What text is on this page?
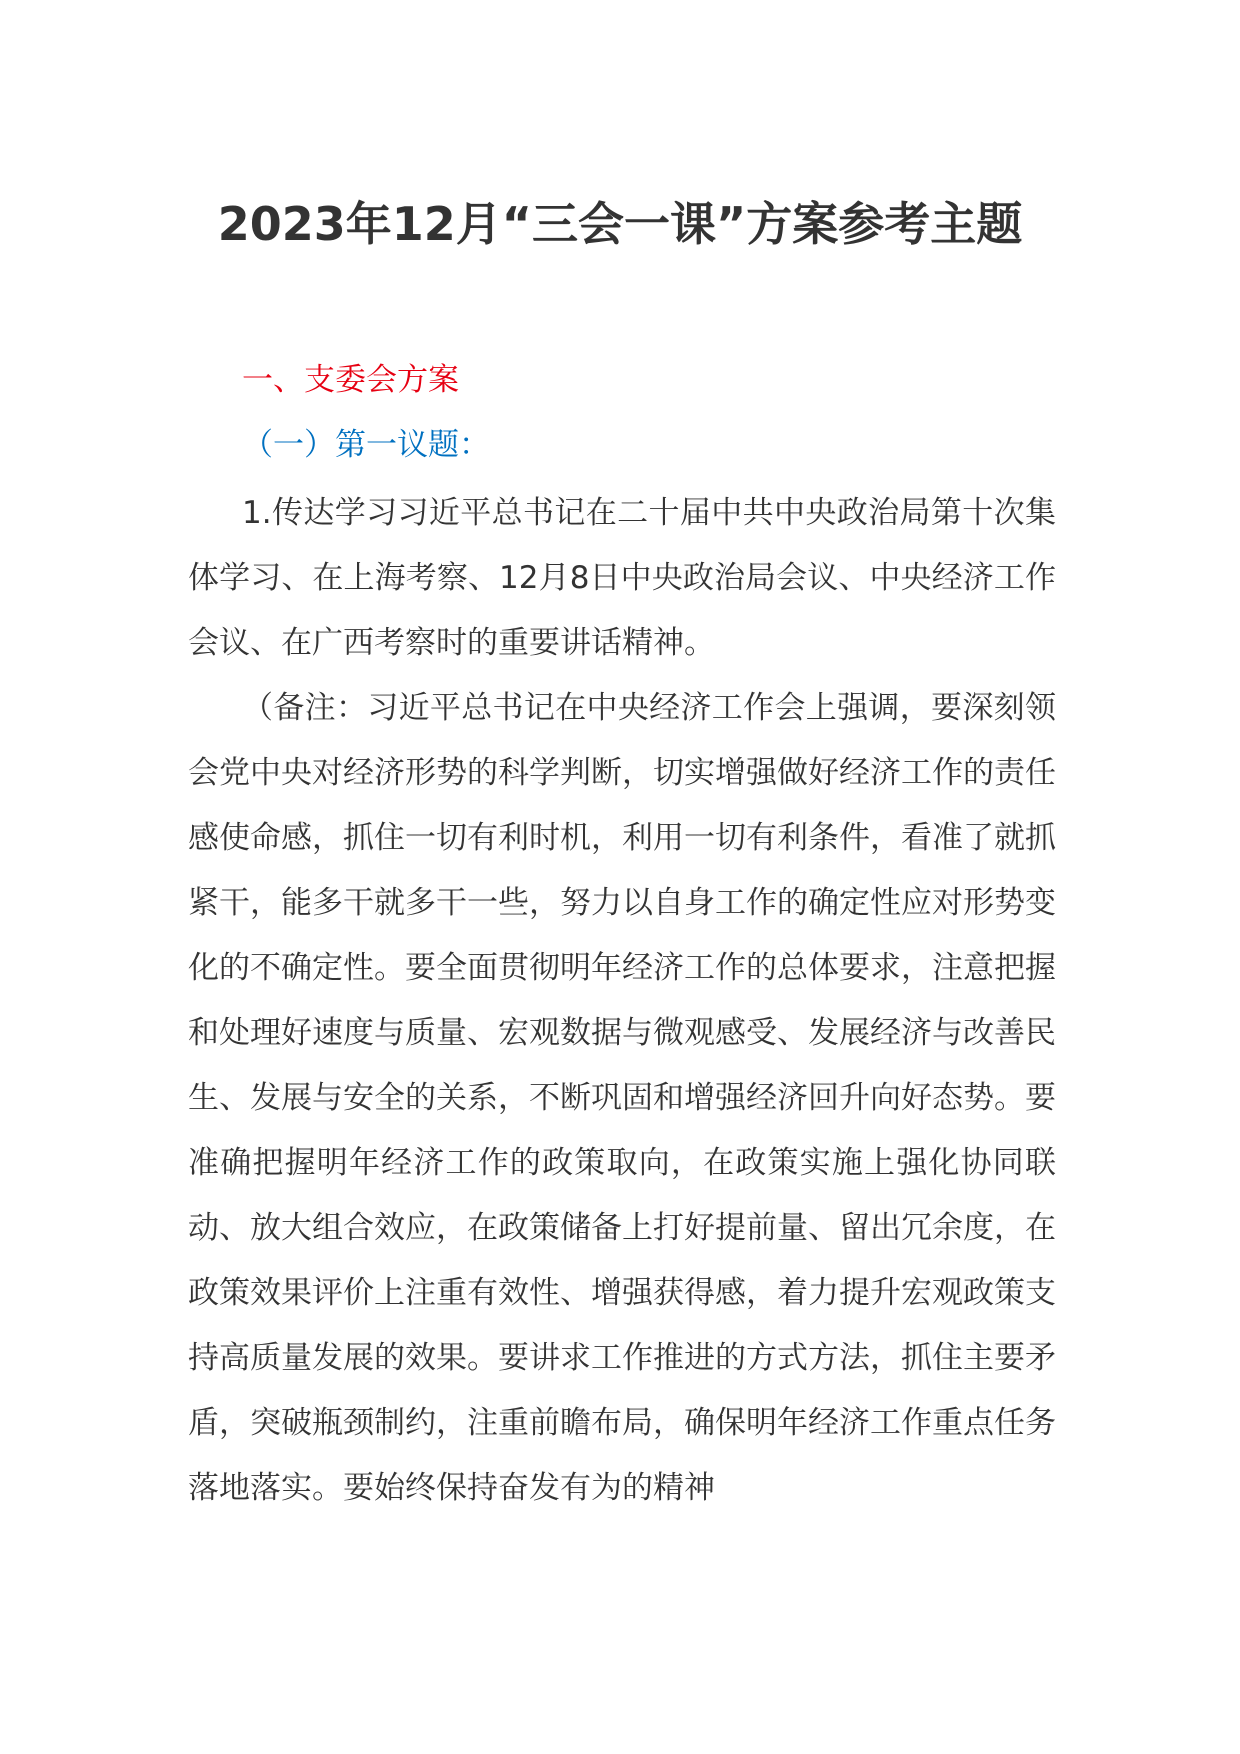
2023年12月“三会一课”方案参考主题
一、支委会方案
（一）第一议题：

1.传达学习习近平总书记在二十届中共中央政治局第十次集体学习、在上海考察、12月8日中央政治局会议、中央经济工作会议、在广西考察时的重要讲话精神。

（备注：习近平总书记在中央经济工作会上强调，要深刻领会党中央对经济形势的科学判断，切实增强做好经济工作的责任感使命感，抓住一切有利时机，利用一切有利条件，看准了就抓紧干，能多干就多干一些，努力以自身工作的确定性应对形势变化的不确定性。要全面贯彻明年经济工作的总体要求，注意把握和处理好速度与质量、宏观数据与微观感受、发展经济与改善民生、发展与安全的关系，不断巩固和增强经济回升向好态势。要准确把握明年经济工作的政策取向，在政策实施上强化协同联动、放大组合效应，在政策储备上打好提前量、留出冗余度，在政策效果评价上注重有效性、增强获得感，着力提升宏观政策支持高质量发展的效果。要讲求工作推进的方式方法，抓住主要矛盾，突破瓶颈制约，注重前瞻布局，确保明年经济工作重点任务落地落实。要始终保持奋发有为的精神
